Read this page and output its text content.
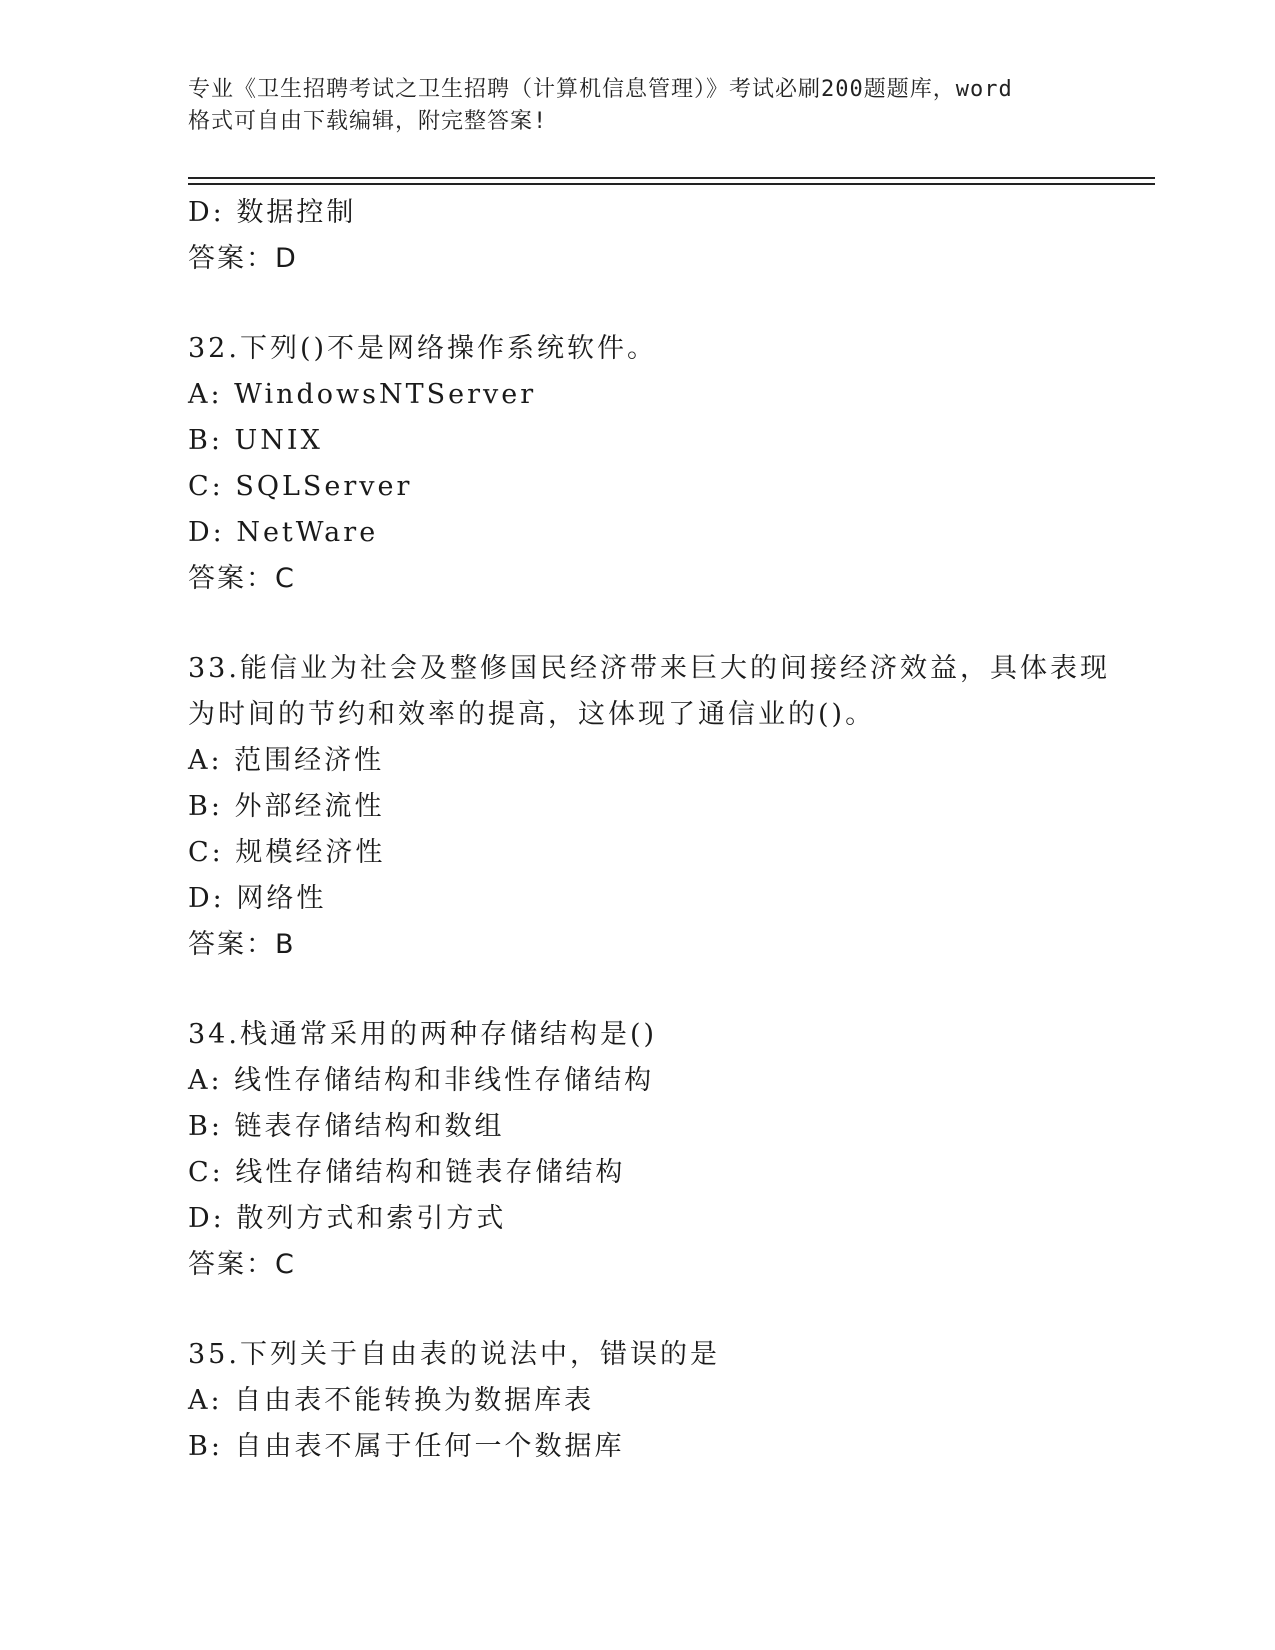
专业《卫生招聘考试之卫生招聘（计算机信息管理）》考试必刷200题题库，word
格式可自由下载编辑，附完整答案!
D: 数据控制
答案：D
32.下列()不是网络操作系统软件。
A: WindowsNTServer
B: UNIX
C: SQLServer
D: NetWare
答案：C
33.能信业为社会及整修国民经济带来巨大的间接经济效益，具体表现
为时间的节约和效率的提高，这体现了通信业的()。
A: 范围经济性
B: 外部经流性
C: 规模经济性
D: 网络性
答案：B
34.栈通常采用的两种存储结构是()
A: 线性存储结构和非线性存储结构
B: 链表存储结构和数组
C: 线性存储结构和链表存储结构
D: 散列方式和索引方式
答案：C
35.下列关于自由表的说法中，错误的是
A: 自由表不能转换为数据库表
B: 自由表不属于任何一个数据库
